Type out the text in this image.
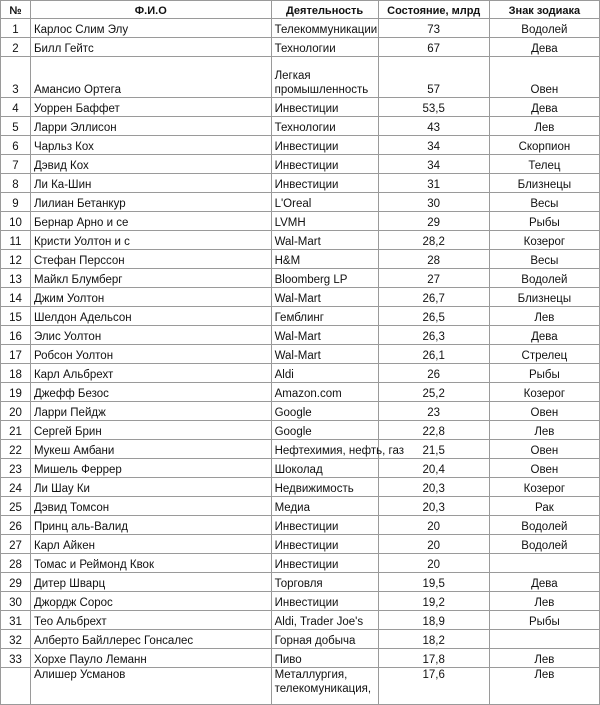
№	Ф.И.О	Деятельность	Состояние, млрд	Знак зодиака
1	Карлос Слим Элу	Телекоммуникации	73	Водолей
2	Билл Гейтс	Технологии	67	Дева
3	Амансио Ортега	Легкая промышленность	57	Овен
4	Уоррен Баффет	Инвестиции	53,5	Дева
5	Ларри Эллисон	Технологии	43	Лев
6	Чарльз Кох	Инвестиции	34	Скорпион
7	Дэвид Кох	Инвестиции	34	Телец
8	Ли Ка-Шин	Инвестиции	31	Близнецы
9	Лилиан Бетанкур	L'Oreal	30	Весы
10	Бернар Арно и се	LVMH	29	Рыбы
11	Кристи Уолтон и с	Wal-Mart	28,2	Козерог
12	Стефан Перссон	H&M	28	Весы
13	Майкл Блумберг	Bloomberg LP	27	Водолей
14	Джим Уолтон	Wal-Mart	26,7	Близнецы
15	Шелдон Адельсон	Гемблинг	26,5	Лев
16	Элис Уолтон	Wal-Mart	26,3	Дева
17	Робсон Уолтон	Wal-Mart	26,1	Стрелец
18	Карл Альбрехт	Aldi	26	Рыбы
19	Джефф Безос	Amazon.com	25,2	Козерог
20	Ларри Пейдж	Google	23	Овен
21	Сергей Брин	Google	22,8	Лев
22	Мукеш Амбани	Нефтехимия, нефть, газ	21,5	Овен
23	Мишель Феррер	Шоколад	20,4	Овен
24	Ли Шау Ки	Недвижимость	20,3	Козерог
25	Дэвид Томсон	Медиа	20,3	Рак
26	Принц аль-Валид	Инвестиции	20	Водолей
27	Карл Айкен	Инвестиции	20	Водолей
28	Томас и Реймонд Квок	Инвестиции	20	
29	Дитер Шварц	Торговля	19,5	Дева
30	Джордж Сорос	Инвестиции	19,2	Лев
31	Тео Альбрехт	Aldi, Trader Joe's	18,9	Рыбы
32	Алберто Байллерес Гонсалес	Горная добыча	18,2	
33	Хорхе Пауло Леманн	Пиво	17,8	Лев
	Алишер Усманов	Металлургия, телекомуникация,	17,6	Лев
